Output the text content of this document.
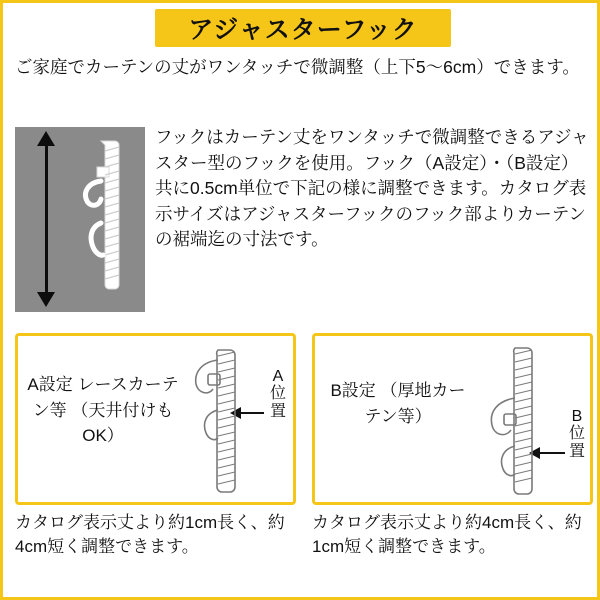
アジャスターフック
ご家庭でカーテンの丈がワンタッチで微調整（上下5〜6cm）できます。
フックはカーテン丈をワンタッチで微調整できるアジャスター型のフックを使用。フック（A設定）・（B設定）共に0.5cm単位で下記の様に調整できます。カタログ表示サイズはアジャスターフックのフック部よりカーテンの裾端迄の寸法です。
A設定 レースカーテン等 （天井付けもOK）
A
位
置
B設定 （厚地カーテン等）	B
位
置
カタログ表示丈より約1cm長く、約4cm短く調整できます。
カタログ表示丈より約4cm長く、約1cm短く調整できます。
